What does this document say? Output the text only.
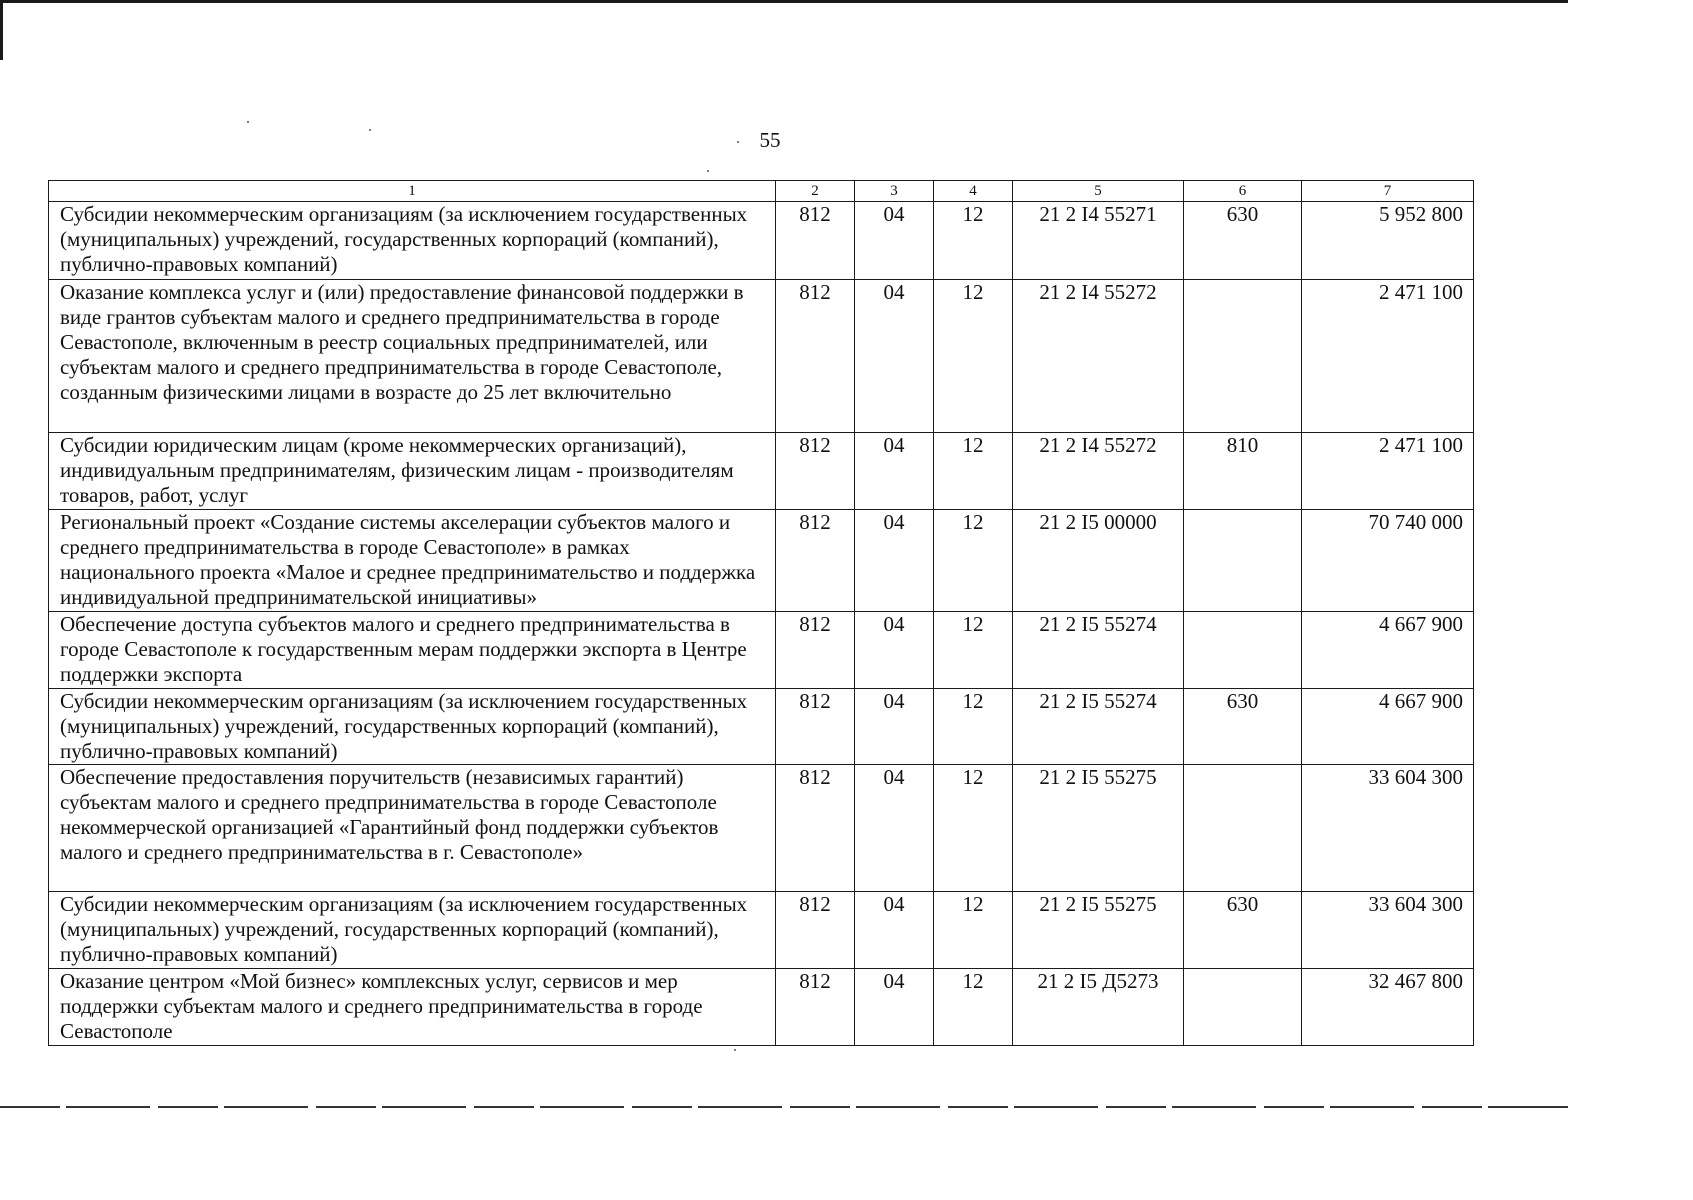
55
1	2	3	4	5	6	7
Субсидии некоммерческим организациям (за исключением государственных (муниципальных) учреждений, государственных корпораций (компаний), публично-правовых компаний)	812	04	12	21 2 I4 55271	630	5 952 800
Оказание комплекса услуг и (или) предоставление финансовой поддержки в виде грантов субъектам малого и среднего предпринимательства в городе Севастополе, включенным в реестр социальных предпринимателей, или субъектам малого и среднего предпринимательства в городе Севастополе, созданным физическими лицами в возрасте до 25 лет включительно	812	04	12	21 2 I4 55272		2 471 100
Субсидии юридическим лицам (кроме некоммерческих организаций), индивидуальным предпринимателям, физическим лицам - производителям товаров, работ, услуг	812	04	12	21 2 I4 55272	810	2 471 100
Региональный проект «Создание системы акселерации субъектов малого и среднего предпринимательства в городе Севастополе» в рамках национального проекта «Малое и среднее предпринимательство и поддержка индивидуальной предпринимательской инициативы»	812	04	12	21 2 I5 00000		70 740 000
Обеспечение доступа субъектов малого и среднего предпринимательства в городе Севастополе к государственным мерам поддержки экспорта в Центре поддержки экспорта	812	04	12	21 2 I5 55274		4 667 900
Субсидии некоммерческим организациям (за исключением государственных (муниципальных) учреждений, государственных корпораций (компаний), публично-правовых компаний)	812	04	12	21 2 I5 55274	630	4 667 900
Обеспечение предоставления поручительств (независимых гарантий) субъектам малого и среднего предпринимательства в городе Севастополе некоммерческой организацией «Гарантийный фонд поддержки субъектов малого и среднего предпринимательства в г. Севастополе»	812	04	12	21 2 I5 55275		33 604 300
Субсидии некоммерческим организациям (за исключением государственных (муниципальных) учреждений, государственных корпораций (компаний), публично-правовых компаний)	812	04	12	21 2 I5 55275	630	33 604 300
Оказание центром «Мой бизнес» комплексных услуг, сервисов и мер поддержки субъектам малого и среднего предпринимательства в городе Севастополе	812	04	12	21 2 I5 Д5273		32 467 800
